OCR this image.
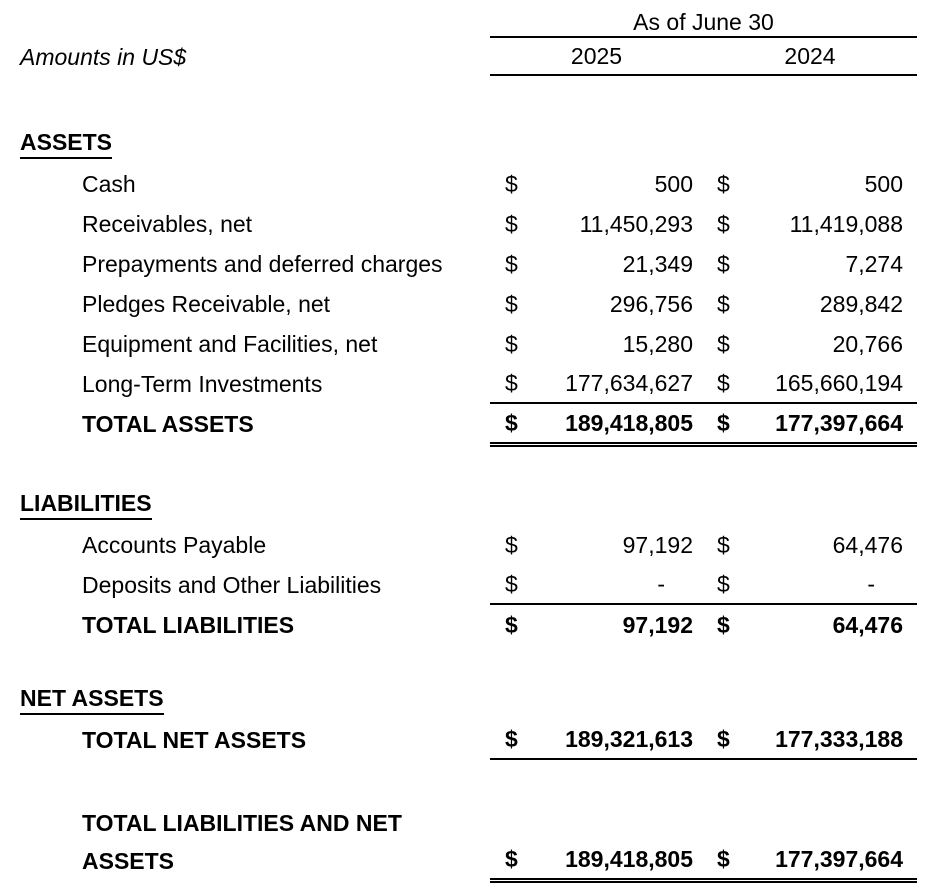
As of June 30
Amounts in US$	2025	2024
ASSETS
Cash	$	500	$	500
Receivables, net	$	11,450,293	$	11,419,088
Prepayments and deferred charges	$	21,349	$	7,274
Pledges Receivable, net	$	296,756	$	289,842
Equipment and Facilities, net	$	15,280	$	20,766
Long-Term Investments	$	177,634,627	$	165,660,194
TOTAL ASSETS	$	189,418,805	$	177,397,664
LIABILITIES
Accounts Payable	$	97,192	$	64,476
Deposits and Other Liabilities	$	-	$	-
TOTAL LIABILITIES	$	97,192	$	64,476
NET ASSETS
TOTAL NET ASSETS	$	189,321,613	$	177,333,188
TOTAL LIABILITIES AND NET ASSETS	$	189,418,805	$	177,397,664
